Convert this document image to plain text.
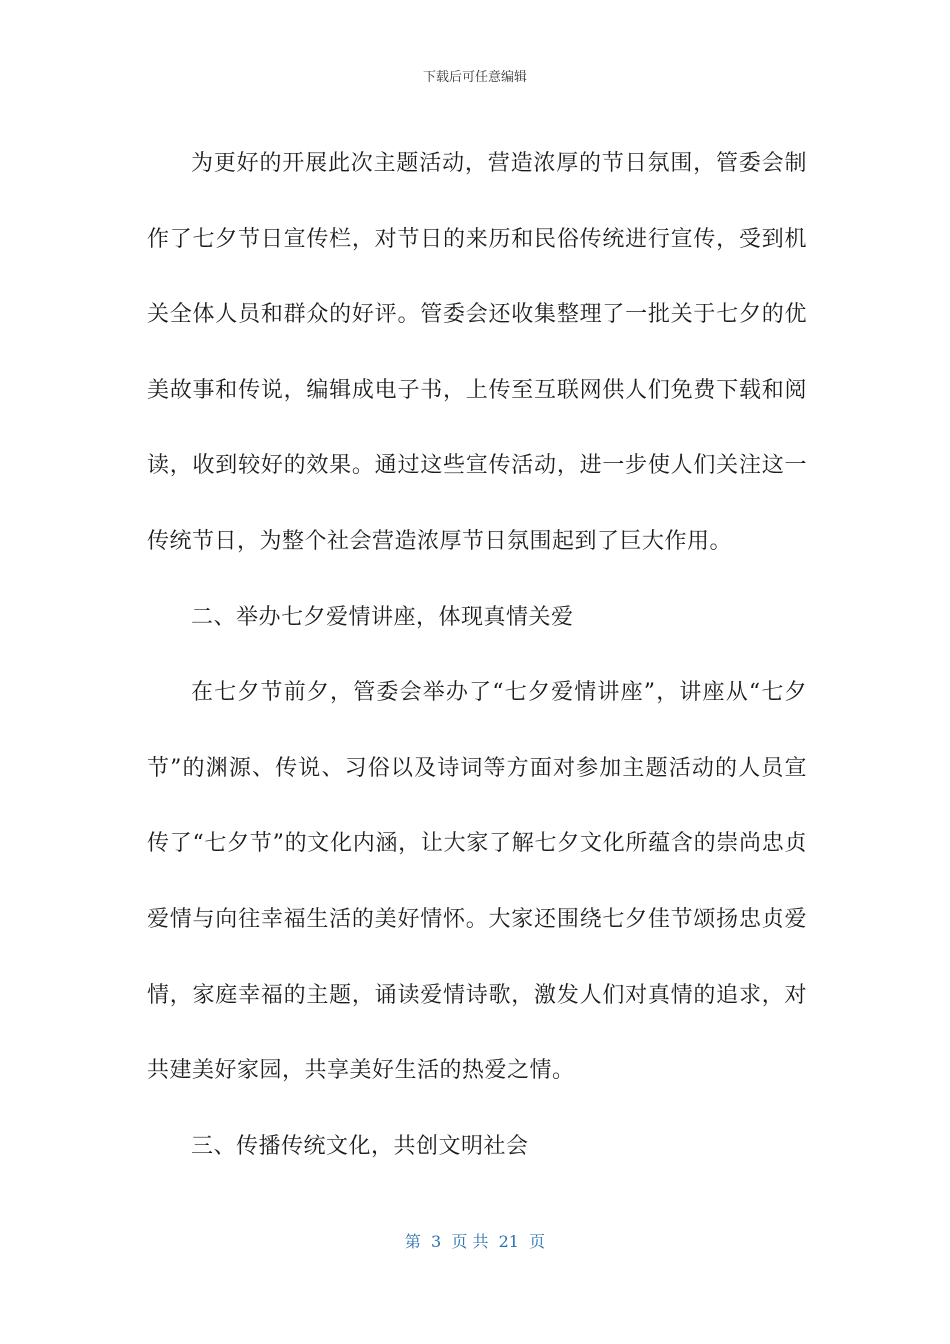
下载后可任意编辑

为更好的开展此次主题活动，营造浓厚的节日氛围，管委会制作了七夕节日宣传栏，对节日的来历和民俗传统进行宣传，受到机关全体人员和群众的好评。管委会还收集整理了一批关于七夕的优美故事和传说，编辑成电子书，上传至互联网供人们免费下载和阅读，收到较好的效果。通过这些宣传活动，进一步使人们关注这一传统节日，为整个社会营造浓厚节日氛围起到了巨大作用。

二、举办七夕爱情讲座，体现真情关爱

在七夕节前夕，管委会举办了“七夕爱情讲座”，讲座从“七夕节”的渊源、传说、习俗以及诗词等方面对参加主题活动的人员宣传了“七夕节”的文化内涵，让大家了解七夕文化所蕴含的崇尚忠贞爱情与向往幸福生活的美好情怀。大家还围绕七夕佳节颂扬忠贞爱情，家庭幸福的主题，诵读爱情诗歌，激发人们对真情的追求，对共建美好家园，共享美好生活的热爱之情。

三、传播传统文化，共创文明社会

第  3  页 共  21  页
